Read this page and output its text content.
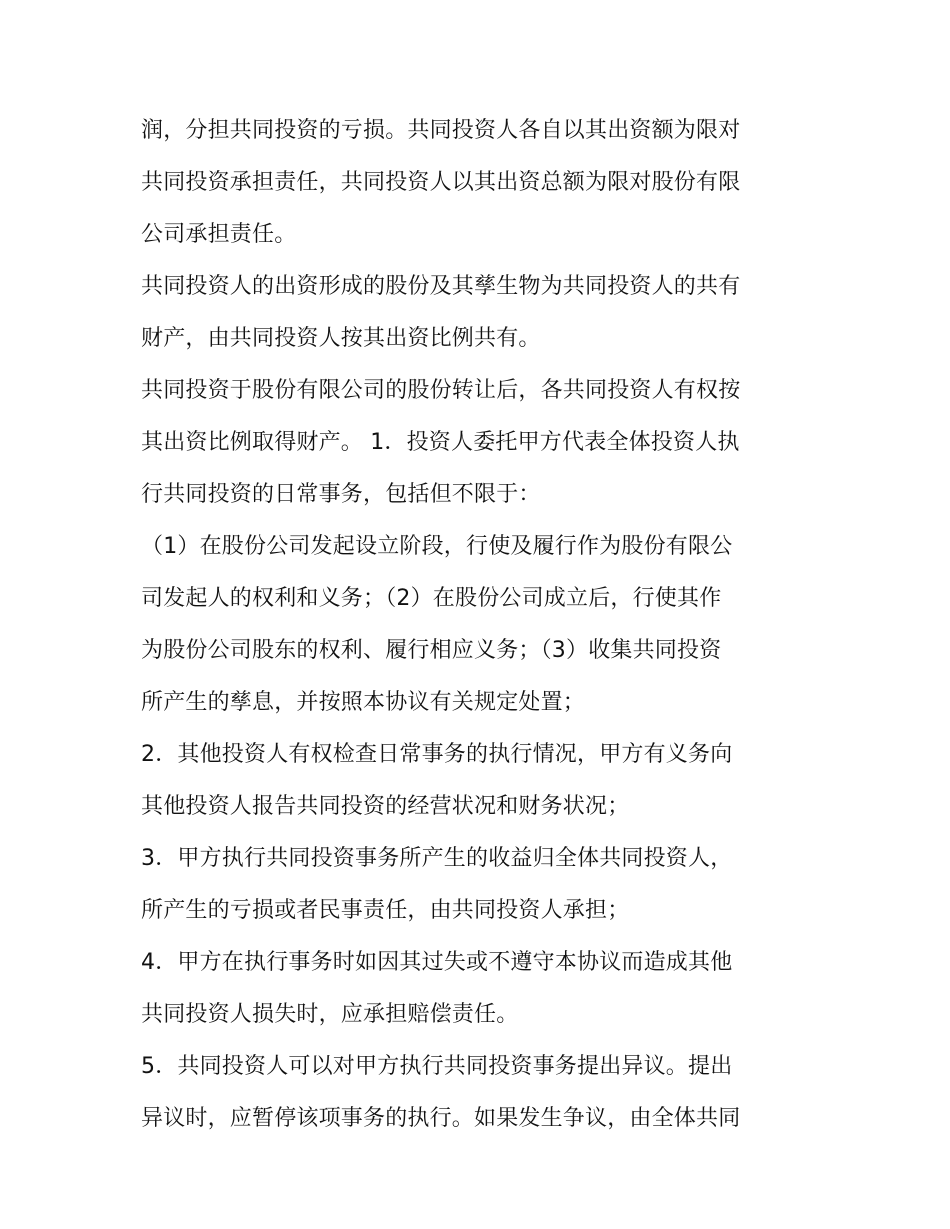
润，分担共同投资的亏损。共同投资人各自以其出资额为限对
共同投资承担责任，共同投资人以其出资总额为限对股份有限
公司承担责任。
共同投资人的出资形成的股份及其孳生物为共同投资人的共有
财产，由共同投资人按其出资比例共有。
共同投资于股份有限公司的股份转让后，各共同投资人有权按
其出资比例取得财产。 1．投资人委托甲方代表全体投资人执
行共同投资的日常事务，包括但不限于：
（1）在股份公司发起设立阶段，行使及履行作为股份有限公
司发起人的权利和义务；（2）在股份公司成立后，行使其作
为股份公司股东的权利、履行相应义务；（3）收集共同投资
所产生的孳息，并按照本协议有关规定处置；
2．其他投资人有权检查日常事务的执行情况，甲方有义务向
其他投资人报告共同投资的经营状况和财务状况；
3．甲方执行共同投资事务所产生的收益归全体共同投资人，
所产生的亏损或者民事责任，由共同投资人承担；
4．甲方在执行事务时如因其过失或不遵守本协议而造成其他
共同投资人损失时，应承担赔偿责任。
5．共同投资人可以对甲方执行共同投资事务提出异议。提出
异议时，应暂停该项事务的执行。如果发生争议，由全体共同
